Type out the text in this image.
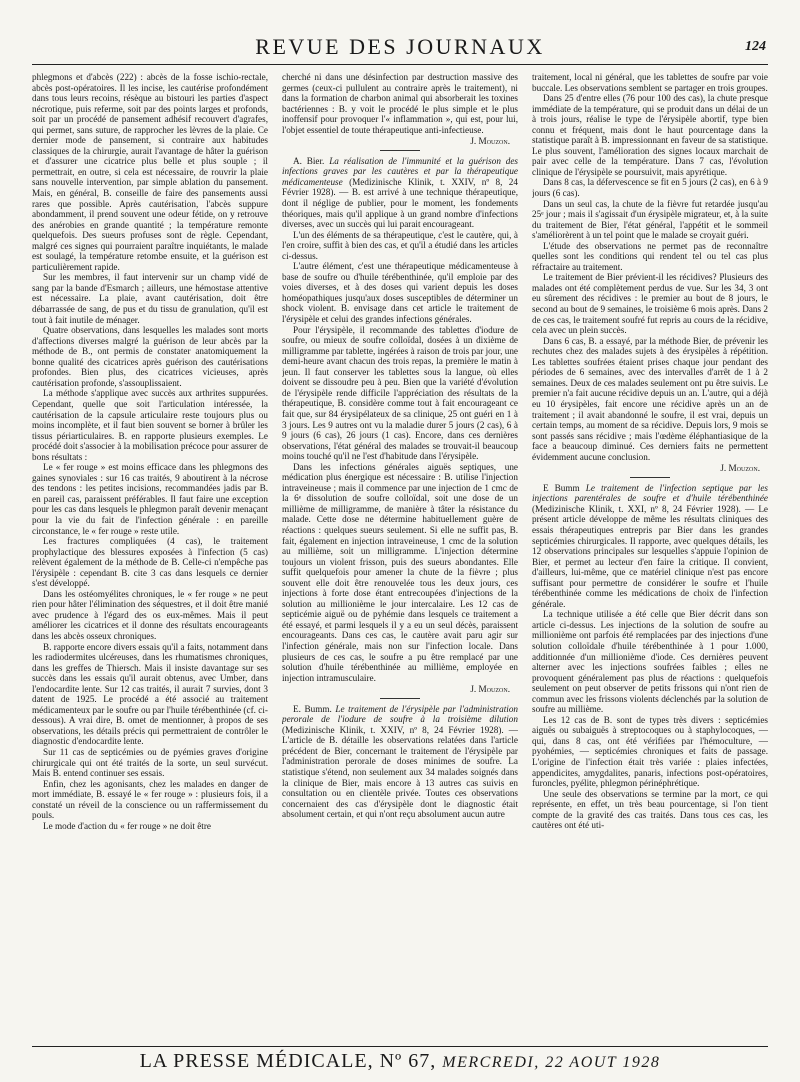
REVUE DES JOURNAUX	124

phlegmons et d'abcès (222) : abcès de la fosse ischio-rectale, abcès post-opératoires. Il les incise, les cautérise profondément dans tous leurs recoins, résèque au bistouri les parties d'aspect nécrotique, puis referme, soit par des points larges et profonds, soit par un procédé de pansement adhésif recouvert d'agrafes, qui permet, sans suture, de rapprocher les lèvres de la plaie. Ce dernier mode de pansement, si contraire aux habitudes classiques de la chirurgie, aurait l'avantage de hâter la guérison et d'assurer une cicatrice plus belle et plus souple ; il permettrait, en outre, si cela est nécessaire, de rouvrir la plaie sans nouvelle intervention, par simple ablation du pansement. Mais, en général, B. conseille de faire des pansements aussi rares que possible. Après cautérisation, l'abcès suppure abondamment, il prend souvent une odeur fétide, on y retrouve des anérobies en grande quantité ; la température remonte quelquefois. Des sueurs profuses sont de règle. Cependant, malgré ces signes qui pourraient paraître inquiétants, le malade est soulagé, la température retombe ensuite, et la guérison est particulièrement rapide.

Sur les membres, il faut intervenir sur un champ vidé de sang par la bande d'Esmarch ; ailleurs, une hémostase attentive est nécessaire. La plaie, avant cautérisation, doit être débarrassée de sang, de pus et du tissu de granulation, qu'il est tout à fait inutile de ménager.

Quatre observations, dans lesquelles les malades sont morts d'affections diverses malgré la guérison de leur abcès par la méthode de B., ont permis de constater anatomiquement la bonne qualité des cicatrices après guérison des cautérisations profondes. Bien plus, des cicatrices vicieuses, après cautérisation profonde, s'assouplissaient.

La méthode s'applique avec succès aux arthrites suppurées. Cependant, quelle que soit l'articulation intéressée, la cautérisation de la capsule articulaire reste toujours plus ou moins incomplète, et il faut bien souvent se borner à brûler les tissus périarticulaires. B. en rapporte plusieurs exemples. Le procédé doit s'associer à la mobilisation précoce pour assurer de bons résultats :

Le « fer rouge » est moins efficace dans les phlegmons des gaines synoviales : sur 16 cas traités, 9 aboutirent à la nécrose des tendons : les petites incisions, recommandées jadis par B. en pareil cas, paraissent préférables. Il faut faire une exception pour les cas dans lesquels le phlegmon paraît devenir menaçant pour la vie du fait de l'infection générale : en pareille circonstance, le « fer rouge » reste utile.

Les fractures compliquées (4 cas), le traitement prophylactique des blessures exposées à l'infection (5 cas) relèvent également de la méthode de B. Celle-ci n'empêche pas l'érysipèle : cependant B. cite 3 cas dans lesquels ce dernier s'est développé.

Dans les ostéomyélites chroniques, le « fer rouge » ne peut rien pour hâter l'élimination des séquestres, et il doit être manié avec prudence à l'égard des os eux-mêmes. Mais il peut améliorer les cicatrices et il donne des résultats encourageants dans les abcès osseux chroniques.

B. rapporte encore divers essais qu'il a faits, notamment dans les radiodermites ulcéreuses, dans les rhumatismes chroniques, dans les greffes de Thiersch. Mais il insiste davantage sur ses succès dans les essais qu'il aurait obtenus, avec Umber, dans l'endocardite lente. Sur 12 cas traités, il aurait 7 survies, dont 3 datent de 1925. Le procédé a été associé au traitement médicamenteux par le soufre ou par l'huile térébenthinée (cf. ci-dessous). A vrai dire, B. omet de mentionner, à propos de ses observations, les détails précis qui permettraient de contrôler le diagnostic d'endocardite lente.

Sur 11 cas de septicémies ou de pyémies graves d'origine chirurgicale qui ont été traités de la sorte, un seul survécut. Mais B. entend continuer ses essais.

Enfin, chez les agonisants, chez les malades en danger de mort immédiate, B. essayé le « fer rouge » : plusieurs fois, il a constaté un réveil de la conscience ou un raffermissement du pouls.

Le mode d'action du « fer rouge » ne doit être

cherché ni dans une désinfection par destruction massive des germes (ceux-ci pullulent au contraire après le traitement), ni dans la formation de charbon animal qui absorberait les toxines bactériennes : B. y voit le procédé le plus simple et le plus inoffensif pour provoquer l'« inflammation », qui est, pour lui, l'objet essentiel de toute thérapeutique anti-infectieuse.

J. Mouzon.

A. Bier. La réalisation de l'immunité et la guérison des infections graves par les cautères et par la thérapeutique médicamenteuse (Medizinische Klinik, t. XXIV, nº 8, 24 Février 1928). — B. est arrivé à une technique thérapeutique, dont il néglige de publier, pour le moment, les fondements théoriques, mais qu'il applique à un grand nombre d'infections diverses, avec un succès qui lui parait encourageant.

L'un des éléments de sa thérapeutique, c'est le cautère, qui, à l'en croire, suffit à bien des cas, et qu'il a étudié dans les articles ci-dessus.

L'autre élément, c'est une thérapeutique médicamenteuse à base de soufre ou d'huile térébenthinée, qu'il emploie par des voies diverses, et à des doses qui varient depuis les doses homéopathiques jusqu'aux doses susceptibles de déterminer un shock violent. B. envisage dans cet article le traitement de l'érysipèle et celui des grandes infections générales.

Pour l'érysipèle, il recommande des tablettes d'iodure de soufre, ou mieux de soufre colloïdal, dosées à un dixième de milligramme par tablette, ingérées à raison de trois par jour, une demi-heure avant chacun des trois repas, la première le matin à jeun. Il faut conserver les tablettes sous la langue, où elles doivent se dissoudre peu à peu. Bien que la variété d'évolution de l'érysipèle rende difficile l'appréciation des résultats de la thérapeutique, B. considère comme tout à fait encourageant ce fait que, sur 84 érysipélateux de sa clinique, 25 ont guéri en 1 à 3 jours. Les 9 autres ont vu la maladie durer 5 jours (2 cas), 6 à 9 jours (6 cas), 26 jours (1 cas). Encore, dans ces dernières observations, l'état général des malades se trouvait-il beaucoup moins touché qu'il ne l'est d'habitude dans l'érysipèle.

Dans les infections générales aiguës septiques, une médication plus énergique est nécessaire : B. utilise l'injection intraveineuse ; mais il commence par une injection de 1 cmc de la 6ᵉ dissolution de soufre colloïdal, soit une dose de un millième de milligramme, de manière à tâter la résistance du malade. Cette dose ne détermine habituellement guère de réactions : quelques sueurs seulement. Si elle ne suffit pas, B. fait, également en injection intraveineuse, 1 cmc de la solution au millième, soit un milligramme. L'injection détermine toujours un violent frisson, puis des sueurs abondantes. Elle suffit quelquefois pour amener la chute de la fièvre ; plus souvent elle doit être renouvelée tous les deux jours, ces injections à forte dose étant entrecoupées d'injections de la solution au millionième le jour intercalaire. Les 12 cas de septicémie aiguë ou de pyhémie dans lesquels ce traitement a été essayé, et parmi lesquels il y a eu un seul décès, paraissent encourageants. Dans ces cas, le cautère avait paru agir sur l'infection générale, mais non sur l'infection locale. Dans plusieurs de ces cas, le soufre a pu être remplacé par une solution d'huile térébenthinée au millième, employée en injection intramusculaire.

J. Mouzon.

E. Bumm. Le traitement de l'érysipèle par l'administration perorale de l'iodure de soufre à la troisième dilution (Medizinische Klinik, t. XXIV, nº 8, 24 Février 1928). — L'article de B. détaille les observations relatées dans l'article précédent de Bier, concernant le traitement de l'érysipèle par l'administration perorale de doses minimes de soufre. La statistique s'étend, non seulement aux 34 malades soignés dans la clinique de Bier, mais encore à 13 autres cas suivis en consultation ou en clientèle privée. Toutes ces observations concernaient des cas d'érysipèle dont le diagnostic était absolument certain, et qui n'ont reçu absolument aucun autre

traitement, local ni général, que les tablettes de soufre par voie buccale. Les observations semblent se partager en trois groupes.

Dans 25 d'entre elles (76 pour 100 des cas), la chute presque immédiate de la température, qui se produit dans un délai de un à trois jours, réalise le type de l'érysipèle abortif, type bien connu et fréquent, mais dont le haut pourcentage dans la statistique paraît à B. impressionnant en faveur de sa statistique. Le plus souvent, l'amélioration des signes locaux marchait de pair avec celle de la température. Dans 7 cas, l'évolution clinique de l'érysipèle se poursuivit, mais apyrétique.

Dans 8 cas, la défervescence se fit en 5 jours (2 cas), en 6 à 9 jours (6 cas).

Dans un seul cas, la chute de la fièvre fut retardée jusqu'au 25ᵉ jour ; mais il s'agissait d'un érysipèle migrateur, et, à la suite du traitement de Bier, l'état général, l'appétit et le sommeil s'améliorèrent à un tel point que le malade se croyait guéri.

L'étude des observations ne permet pas de reconnaître quelles sont les conditions qui rendent tel ou tel cas plus réfractaire au traitement.

Le traitement de Bier prévient-il les récidives? Plusieurs des malades ont été complètement perdus de vue. Sur les 34, 3 ont eu sûrement des récidives : le premier au bout de 8 jours, le second au bout de 9 semaines, le troisième 6 mois après. Dans 2 de ces cas, le traitement soufré fut repris au cours de la récidive, cela avec un plein succès.

Dans 6 cas, B. a essayé, par la méthode Bier, de prévenir les rechutes chez des malades sujets à des érysipèles à répétition. Les tablettes soufrées étaient prises chaque jour pendant des périodes de 6 semaines, avec des intervalles d'arrêt de 1 à 2 semaines. Deux de ces malades seulement ont pu être suivis. Le premier n'a fait aucune récidive depuis un an. L'autre, qui a déjà eu 10 érysipèles, fait encore une récidive après un an de traitement ; il avait abandonné le soufre, il est vrai, depuis un certain temps, au moment de sa récidive. Depuis lors, 9 mois se sont passés sans récidive ; mais l'œdème éléphantiasique de la face a beaucoup diminué. Ces derniers faits ne permettent évidemment aucune conclusion.

J. Mouzon.

E Bumm Le traitement de l'infection septique par les injections parentérales de soufre et d'huile térébenthinée (Medizinische Klinik, t. XXI, nº 8, 24 Février 1928). — Le présent article développe de même les résultats cliniques des essais thérapeutiques entrepris par Bier dans les grandes septicémies chirurgicales. Il rapporte, avec quelques détails, les 12 observations principales sur lesquelles s'appuie l'opinion de Bier, et permet au lecteur d'en faire la critique. Il convient, d'ailleurs, lui-même, que ce matériel clinique n'est pas encore suffisant pour permettre de considérer le soufre et l'huile térébenthinée comme les médications de choix de l'infection générale.

La technique utilisée a été celle que Bier décrit dans son article ci-dessus. Les injections de la solution de soufre au millionième ont parfois été remplacées par des injections d'une solution colloïdale d'huile térébenthinée à 1 pour 1.000, additionnée d'un millionième d'iode. Ces dernières peuvent alterner avec les injections soufrées faibles ; elles ne provoquent généralement pas plus de réactions : quelquefois seulement on peut observer de petits frissons qui n'ont rien de commun avec les frissons violents déclenchés par la solution de soufre au millième.

Les 12 cas de B. sont de types très divers : septicémies aiguës ou subaiguës à streptocoques ou à staphylocoques, — qui, dans 8 cas, ont été vérifiées par l'hémoculture, — pyohémies, — septicémies chroniques et faits de passage. L'origine de l'infection était très variée : plaies infectées, appendicites, amygdalites, panaris, infections post-opératoires, furoncles, pyélite, phlegmon périnéphrétique.

Une seule des observations se termine par la mort, ce qui représente, en effet, un très beau pourcentage, si l'on tient compte de la gravité des cas traités. Dans tous ces cas, les cautères ont été uti-

LA PRESSE MÉDICALE, Nº 67, MERCREDI, 22 AOUT 1928
